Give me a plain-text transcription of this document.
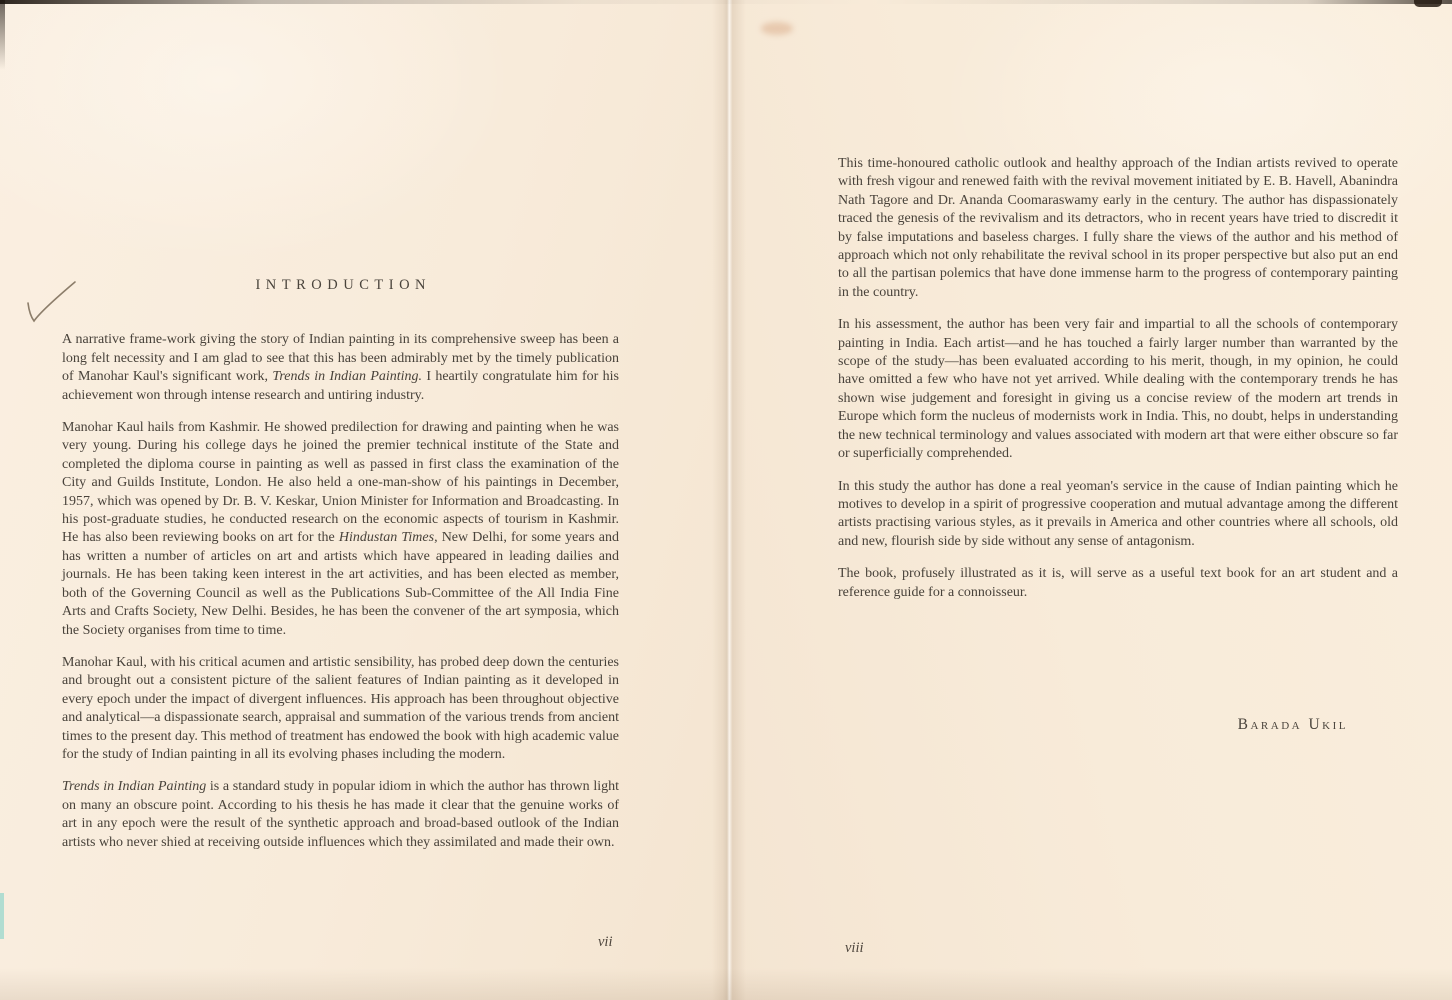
INTRODUCTION

A narrative frame-work giving the story of Indian painting in its comprehensive sweep has been a long felt necessity and I am glad to see that this has been admirably met by the timely publication of Manohar Kaul's significant work, Trends in Indian Painting. I heartily congratulate him for his achievement won through intense research and untiring industry.

Manohar Kaul hails from Kashmir. He showed predilection for drawing and painting when he was very young. During his college days he joined the premier technical institute of the State and completed the diploma course in painting as well as passed in first class the examination of the City and Guilds Institute, London. He also held a one-man-show of his paintings in December, 1957, which was opened by Dr. B. V. Keskar, Union Minister for Information and Broadcasting. In his post-graduate studies, he conducted research on the economic aspects of tourism in Kashmir. He has also been reviewing books on art for the Hindustan Times, New Delhi, for some years and has written a number of articles on art and artists which have appeared in leading dailies and journals. He has been taking keen interest in the art activities, and has been elected as member, both of the Governing Council as well as the Publications Sub-Committee of the All India Fine Arts and Crafts Society, New Delhi. Besides, he has been the convener of the art symposia, which the Society organises from time to time.

Manohar Kaul, with his critical acumen and artistic sensibility, has probed deep down the centuries and brought out a consistent picture of the salient features of Indian painting as it developed in every epoch under the impact of divergent influences. His approach has been throughout objective and analytical—a dispassionate search, appraisal and summation of the various trends from ancient times to the present day. This method of treatment has endowed the book with high academic value for the study of Indian painting in all its evolving phases including the modern.

Trends in Indian Painting is a standard study in popular idiom in which the author has thrown light on many an obscure point. According to his thesis he has made it clear that the genuine works of art in any epoch were the result of the synthetic approach and broad-based outlook of the Indian artists who never shied at receiving outside influences which they assimilated and made their own.

vii

This time-honoured catholic outlook and healthy approach of the Indian artists revived to operate with fresh vigour and renewed faith with the revival movement initiated by E. B. Havell, Abanindra Nath Tagore and Dr. Ananda Coomaraswamy early in the century. The author has dispassionately traced the genesis of the revivalism and its detractors, who in recent years have tried to discredit it by false imputations and baseless charges. I fully share the views of the author and his method of approach which not only rehabilitate the revival school in its proper perspective but also put an end to all the partisan polemics that have done immense harm to the progress of contemporary painting in the country.

In his assessment, the author has been very fair and impartial to all the schools of contemporary painting in India. Each artist—and he has touched a fairly larger number than warranted by the scope of the study—has been evaluated according to his merit, though, in my opinion, he could have omitted a few who have not yet arrived. While dealing with the contemporary trends he has shown wise judgement and foresight in giving us a concise review of the modern art trends in Europe which form the nucleus of modernists work in India. This, no doubt, helps in understanding the new technical terminology and values associated with modern art that were either obscure so far or superficially comprehended.

In this study the author has done a real yeoman's service in the cause of Indian painting which he motives to develop in a spirit of progressive cooperation and mutual advantage among the different artists practising various styles, as it prevails in America and other countries where all schools, old and new, flourish side by side without any sense of antagonism.

The book, profusely illustrated as it is, will serve as a useful text book for an art student and a reference guide for a connoisseur.

Barada Ukil
viii
